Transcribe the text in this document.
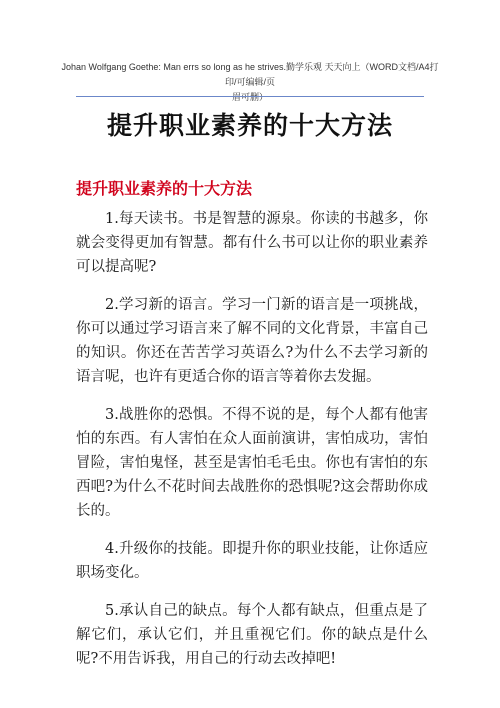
Johan Wolfgang Goethe: Man errs so long as he strives.勤学乐观 天天向上（WORD文档/A4打印/可编辑/页
眉可删）
提升职业素养的十大方法
提升职业素养的十大方法

1.每天读书。书是智慧的源泉。你读的书越多，你就会变得更加有智慧。都有什么书可以让你的职业素养可以提高呢?

2.学习新的语言。学习一门新的语言是一项挑战，你可以通过学习语言来了解不同的文化背景，丰富自己的知识。你还在苦苦学习英语么?为什么不去学习新的语言呢，也许有更适合你的语言等着你去发掘。

3.战胜你的恐惧。不得不说的是，每个人都有他害怕的东西。有人害怕在众人面前演讲，害怕成功，害怕冒险，害怕鬼怪，甚至是害怕毛毛虫。你也有害怕的东西吧?为什么不花时间去战胜你的恐惧呢?这会帮助你成长的。

4.升级你的技能。即提升你的职业技能，让你适应职场变化。

5.承认自己的缺点。每个人都有缺点，但重点是了解它们，承认它们，并且重视它们。你的缺点是什么呢?不用告诉我，用自己的行动去改掉吧!
